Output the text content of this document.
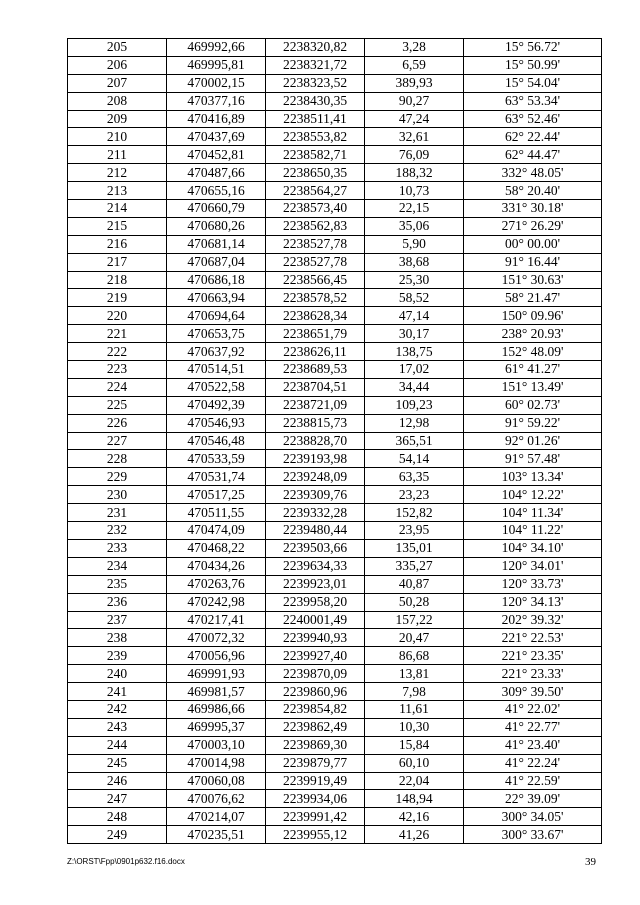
205	469992,66	2238320,82	3,28	15° 56.72'
206	469995,81	2238321,72	6,59	15° 50.99'
207	470002,15	2238323,52	389,93	15° 54.04'
208	470377,16	2238430,35	90,27	63° 53.34'
209	470416,89	2238511,41	47,24	63° 52.46'
210	470437,69	2238553,82	32,61	62° 22.44'
211	470452,81	2238582,71	76,09	62° 44.47'
212	470487,66	2238650,35	188,32	332° 48.05'
213	470655,16	2238564,27	10,73	58° 20.40'
214	470660,79	2238573,40	22,15	331° 30.18'
215	470680,26	2238562,83	35,06	271° 26.29'
216	470681,14	2238527,78	5,90	00° 00.00'
217	470687,04	2238527,78	38,68	91° 16.44'
218	470686,18	2238566,45	25,30	151° 30.63'
219	470663,94	2238578,52	58,52	58° 21.47'
220	470694,64	2238628,34	47,14	150° 09.96'
221	470653,75	2238651,79	30,17	238° 20.93'
222	470637,92	2238626,11	138,75	152° 48.09'
223	470514,51	2238689,53	17,02	61° 41.27'
224	470522,58	2238704,51	34,44	151° 13.49'
225	470492,39	2238721,09	109,23	60° 02.73'
226	470546,93	2238815,73	12,98	91° 59.22'
227	470546,48	2238828,70	365,51	92° 01.26'
228	470533,59	2239193,98	54,14	91° 57.48'
229	470531,74	2239248,09	63,35	103° 13.34'
230	470517,25	2239309,76	23,23	104° 12.22'
231	470511,55	2239332,28	152,82	104° 11.34'
232	470474,09	2239480,44	23,95	104° 11.22'
233	470468,22	2239503,66	135,01	104° 34.10'
234	470434,26	2239634,33	335,27	120° 34.01'
235	470263,76	2239923,01	40,87	120° 33.73'
236	470242,98	2239958,20	50,28	120° 34.13'
237	470217,41	2240001,49	157,22	202° 39.32'
238	470072,32	2239940,93	20,47	221° 22.53'
239	470056,96	2239927,40	86,68	221° 23.35'
240	469991,93	2239870,09	13,81	221° 23.33'
241	469981,57	2239860,96	7,98	309° 39.50'
242	469986,66	2239854,82	11,61	41° 22.02'
243	469995,37	2239862,49	10,30	41° 22.77'
244	470003,10	2239869,30	15,84	41° 23.40'
245	470014,98	2239879,77	60,10	41° 22.24'
246	470060,08	2239919,49	22,04	41° 22.59'
247	470076,62	2239934,06	148,94	22° 39.09'
248	470214,07	2239991,42	42,16	300° 34.05'
249	470235,51	2239955,12	41,26	300° 33.67'
Z:\ORST\Fpp\0901p632.f16.docx	39
